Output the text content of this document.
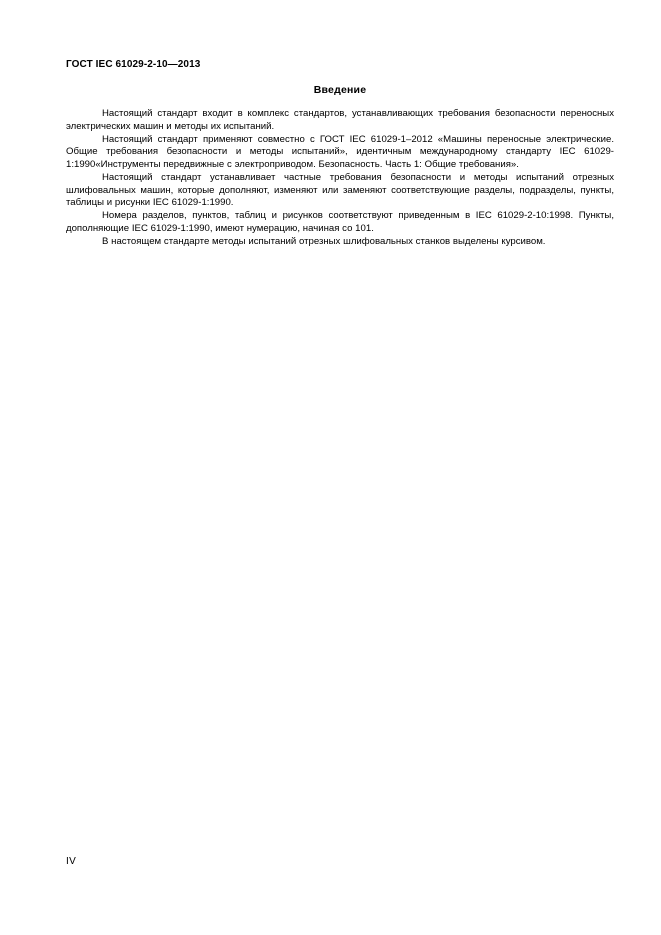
ГОСТ IEC 61029-2-10—2013
Введение

Настоящий стандарт входит в комплекс стандартов, устанавливающих требования безопасности переносных электрических машин и методы их испытаний.

Настоящий стандарт применяют совместно с ГОСТ IEC 61029-1–2012 «Машины переносные электрические. Общие требования безопасности и методы испытаний», идентичным международному стандарту IEC 61029-1:1990«Инструменты передвижные с электроприводом. Безопасность. Часть 1: Общие требования».

Настоящий стандарт устанавливает частные требования безопасности и методы испытаний отрезных шлифовальных машин, которые дополняют, изменяют или заменяют соответствующие разделы, подразделы, пункты, таблицы и рисунки IEC 61029-1:1990.

Номера разделов, пунктов, таблиц и рисунков соответствуют приведенным в IEC 61029-2-10:1998. Пункты, дополняющие IEC 61029-1:1990, имеют нумерацию, начиная со 101.

В настоящем стандарте методы испытаний отрезных шлифовальных станков выделены курсивом.

IV
